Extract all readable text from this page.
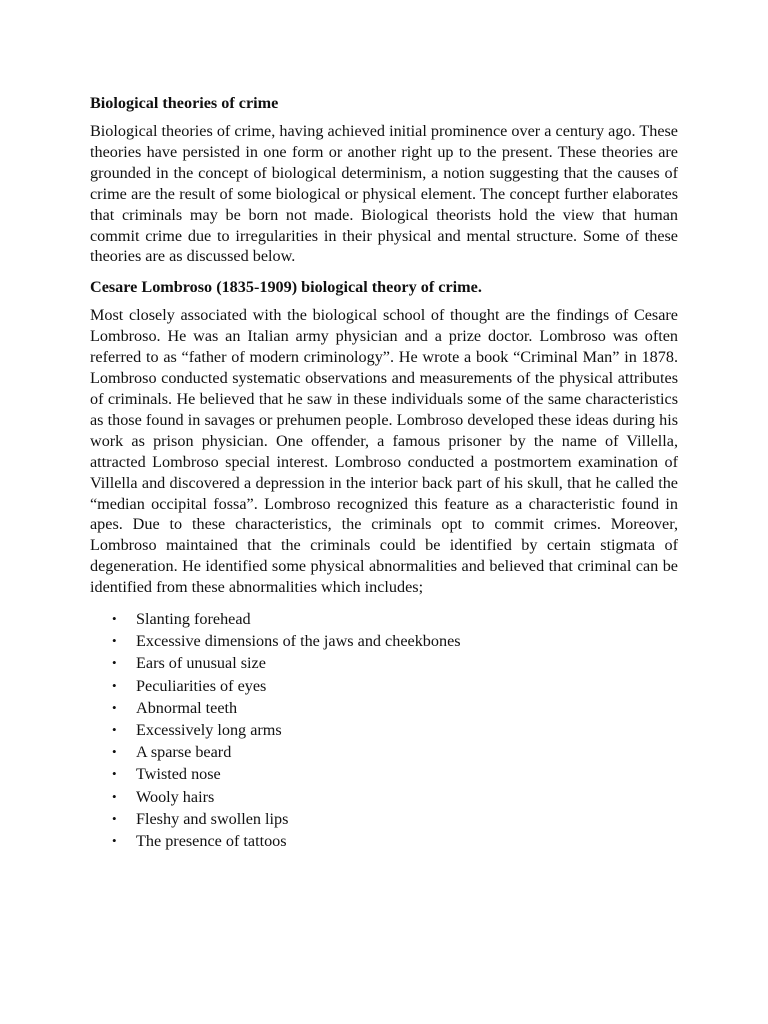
Biological theories of crime

Biological theories of crime, having achieved initial prominence over a century ago. These theories have persisted in one form or another right up to the present. These theories are grounded in the concept of biological determinism, a notion suggesting that the causes of crime are the result of some biological or physical element. The concept further elaborates that criminals may be born not made. Biological theorists hold the view that human commit crime due to irregularities in their physical and mental structure. Some of these theories are as discussed below.

Cesare Lombroso (1835-1909) biological theory of crime.

Most closely associated with the biological school of thought are the findings of Cesare Lombroso. He was an Italian army physician and a prize doctor. Lombroso was often referred to as “father of modern criminology”. He wrote a book “Criminal Man” in 1878. Lombroso conducted systematic observations and measurements of the physical attributes of criminals. He believed that he saw in these individuals some of the same characteristics as those found in savages or prehumen people. Lombroso developed these ideas during his work as prison physician. One offender, a famous prisoner by the name of Villella, attracted Lombroso special interest. Lombroso conducted a postmortem examination of Villella and discovered a depression in the interior back part of his skull, that he called the “median occipital fossa”. Lombroso recognized this feature as a characteristic found in apes. Due to these characteristics, the criminals opt to commit crimes. Moreover, Lombroso maintained that the criminals could be identified by certain stigmata of degeneration. He identified some physical abnormalities and believed that criminal can be identified from these abnormalities which includes;

• Slanting forehead
• Excessive dimensions of the jaws and cheekbones
• Ears of unusual size
• Peculiarities of eyes
• Abnormal teeth
• Excessively long arms
• A sparse beard
• Twisted nose
• Wooly hairs
• Fleshy and swollen lips
• The presence of tattoos
